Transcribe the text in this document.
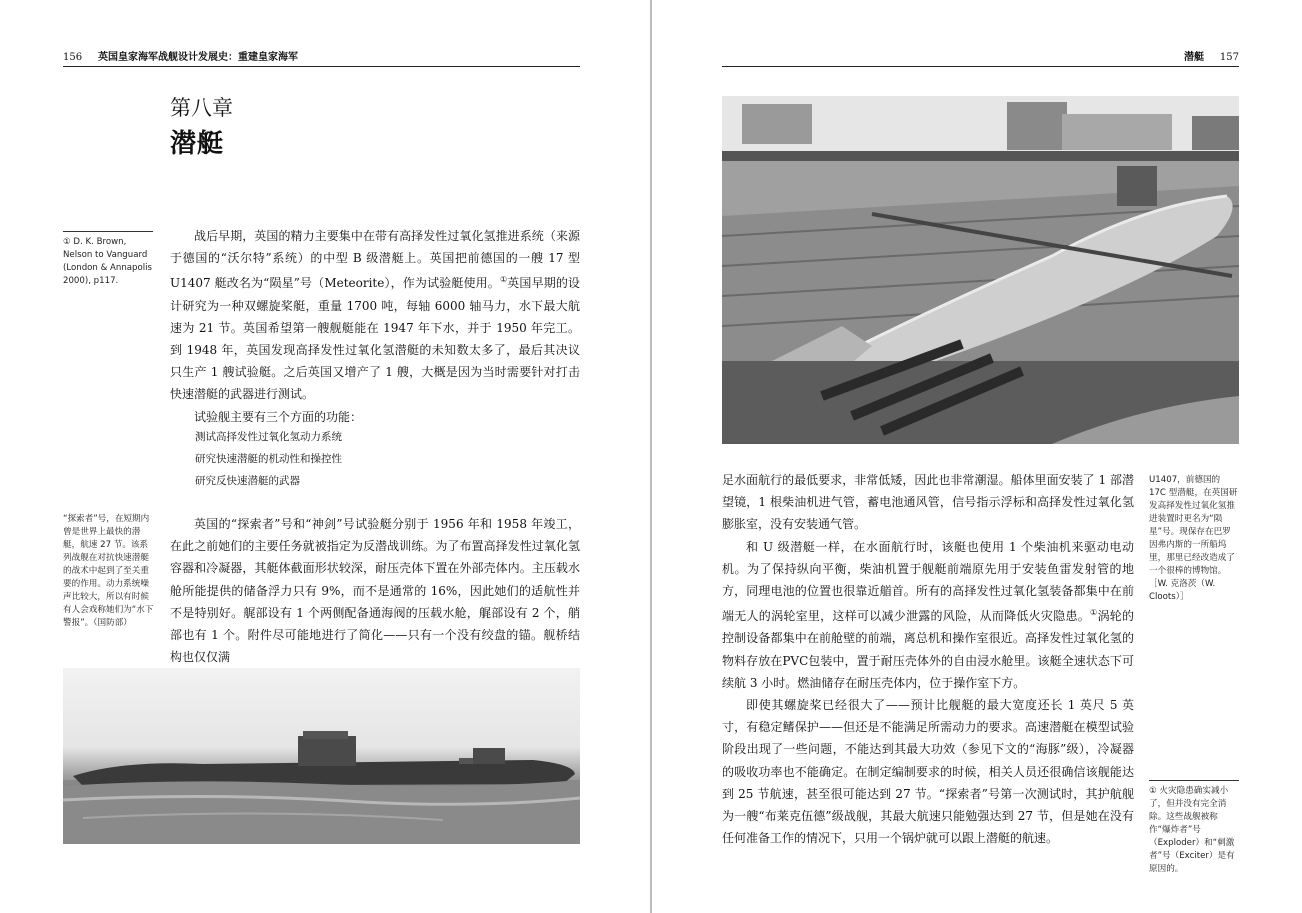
156 英国皇家海军战舰设计发展史：重建皇家海军
第八章
潜艇
① D. K. Brown, Nelson to Vanguard (London & Annapolis 2000), p117.

战后早期，英国的精力主要集中在带有高择发性过氧化氢推进系统（来源于德国的“沃尔特”系统）的中型 B 级潜艇上。英国把前德国的一艘 17 型 U1407 艇改名为“陨星”号（Meteorite），作为试验艇使用。①英国早期的设计研究为一种双螺旋桨艇，重量 1700 吨，每轴 6000 轴马力，水下最大航速为 21 节。英国希望第一艘舰艇能在 1947 年下水，并于 1950 年完工。到 1948 年，英国发现高择发性过氧化氢潜艇的未知数太多了，最后其决议只生产 1 艘试验艇。之后英国又增产了 1 艘，大概是因为当时需要针对打击快速潜艇的武器进行测试。

试验舰主要有三个方面的功能：

测试高择发性过氧化氢动力系统
研究快速潜艇的机动性和操控性
研究反快速潜艇的武器
“探索者”号，在短期内曾是世界上最快的潜艇，航速 27 节。该系列战舰在对抗快速潜艇的战术中起到了至关重要的作用。动力系统噪声比较大，所以有时候有人会戏称她们为“水下警报”。（国防部）

英国的“探索者”号和“神剑”号试验艇分别于 1956 年和 1958 年竣工，在此之前她们的主要任务就被指定为反潜战训练。为了布置高择发性过氧化氢容器和冷凝器，其艇体截面形状较深，耐压壳体下置在外部壳体内。主压载水舱所能提供的储备浮力只有 9%，而不是通常的 16%，因此她们的适航性并不是特别好。艉部设有 1 个两侧配备通海阀的压载水舱，艉部设有 2 个，艄部也有 1 个。附件尽可能地进行了简化——只有一个没有绞盘的锚。舰桥结构也仅仅满

潜艇 157

足水面航行的最低要求，非常低矮，因此也非常潮湿。船体里面安装了 1 部潜望镜，1 根柴油机进气管，蓄电池通风管，信号指示浮标和高择发性过氧化氢膨胀室，没有安装通气管。

和 U 级潜艇一样，在水面航行时，该艇也使用 1 个柴油机来驱动电动机。为了保持纵向平衡，柴油机置于舰艇前端原先用于安装鱼雷发射管的地方，同理电池的位置也很靠近艏首。所有的高择发性过氧化氢装备都集中在前端无人的涡轮室里，这样可以减少泄露的风险，从而降低火灾隐患。①涡轮的控制设备都集中在前舱壁的前端，离总机和操作室很近。高择发性过氧化氢的物料存放在PVC包装中，置于耐压壳体外的自由浸水舱里。该艇全速状态下可续航 3 小时。燃油储存在耐压壳体内，位于操作室下方。

即使其螺旋桨已经很大了——预计比舰艇的最大宽度还长 1 英尺 5 英寸，有稳定鳍保护——但还是不能满足所需动力的要求。高速潜艇在模型试验阶段出现了一些问题，不能达到其最大功效（参见下文的“海豚”级），冷凝器的吸收功率也不能确定。在制定编制要求的时候，相关人员还很确信该舰能达到 25 节航速，甚至很可能达到 27 节。“探索者”号第一次测试时，其护航舰为一艘“布莱克伍德”级战舰，其最大航速只能勉强达到 27 节，但是她在没有任何准备工作的情况下，只用一个锅炉就可以跟上潜艇的航速。

U1407，前德国的 17C 型潜艇，在英国研发高择发性过氧化氢推进装置时更名为“陨星”号。现保存在巴罗因弗内斯的一所船坞里，那里已经改造成了一个很棒的博物馆。［W. 克洛茨（W. Cloots）］
① 火灾隐患确实减小了，但并没有完全消除。这些战舰被称作“爆炸者”号（Exploder）和“刺激者”号（Exciter）是有原因的。
